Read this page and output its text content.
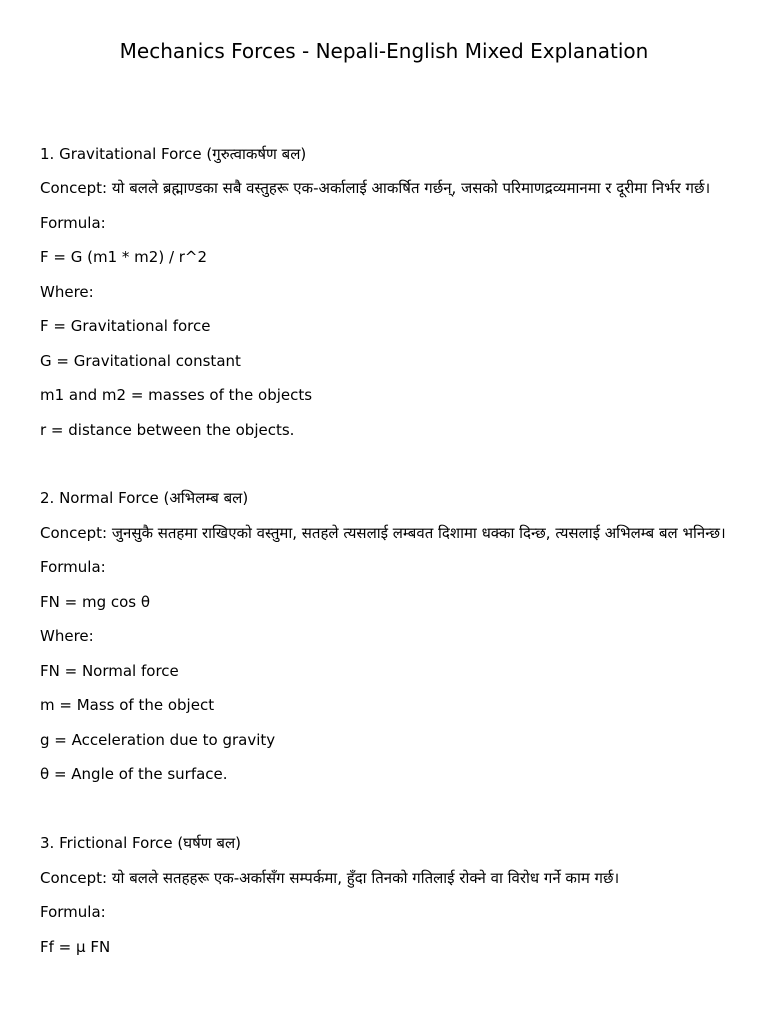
Mechanics Forces - Nepali-English Mixed Explanation
1. Gravitational Force (गुरुत्वाकर्षण बल)
Concept: यो बलले ब्रह्माण्डका सबै वस्तुहरू एक-अर्कालाई आकर्षित गर्छन्, जसको परिमाणद्रव्यमानमा र दूरीमा निर्भर गर्छ।
Formula:
F = G (m1 * m2) / r^2
Where:
F = Gravitational force
G = Gravitational constant
m1 and m2 = masses of the objects
r = distance between the objects.
2. Normal Force (अभिलम्ब बल)
Concept: जुनसुकै सतहमा राखिएको वस्तुमा, सतहले त्यसलाई लम्बवत दिशामा धक्का दिन्छ, त्यसलाई अभिलम्ब बल भनिन्छ।
Formula:
FN = mg cos θ
Where:
FN = Normal force
m = Mass of the object
g = Acceleration due to gravity
θ = Angle of the surface.
3. Frictional Force (घर्षण बल)
Concept: यो बलले सतहहरू एक-अर्कासँग सम्पर्कमा, हुँदा तिनको गतिलाई रोक्ने वा विरोध गर्ने काम गर्छ।
Formula:
Ff = μ FN
